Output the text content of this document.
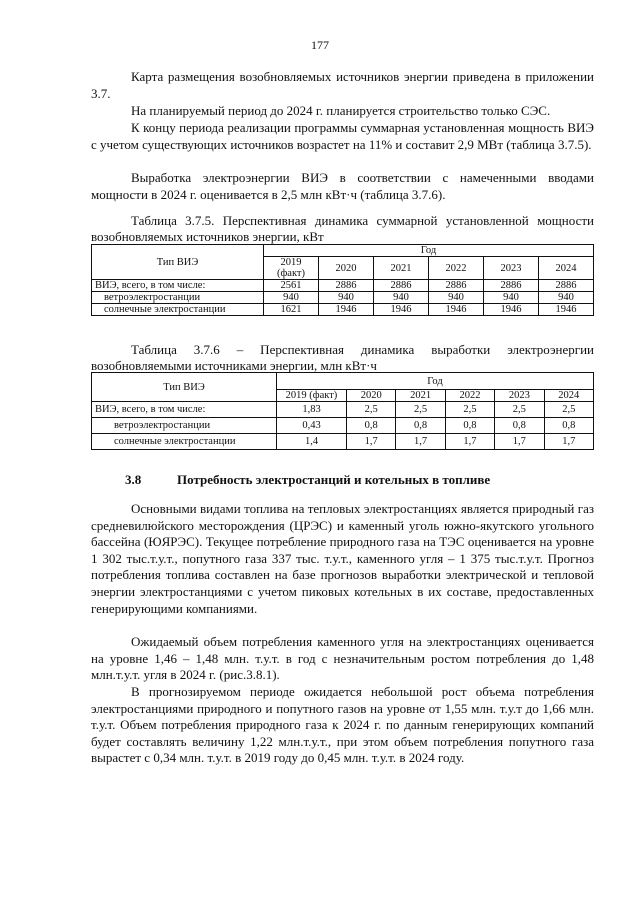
177

Карта размещения возобновляемых источников энергии приведена в приложении 3.7.

На планируемый период до 2024 г. планируется строительство только СЭС.

К концу периода реализации программы суммарная установленная мощность ВИЭ с учетом существующих источников возрастет на 11% и составит 2,9 МВт (таблица 3.7.5).

Выработка электроэнергии ВИЭ в соответствии с намеченными вводами мощности в 2024 г. оценивается в 2,5 млн кВт·ч (таблица 3.7.6).

Таблица 3.7.5. Перспективная динамика суммарной установленной мощности возобновляемых источников энергии, кВт

Тип ВИЭ	Год					
	2019 (факт)	2020	2021	2022	2023	2024
ВИЭ, всего, в том числе:	2561	2886	2886	2886	2886	2886
ветроэлектростанции	940	940	940	940	940	940
солнечные электростанции	1621	1946	1946	1946	1946	1946

Таблица 3.7.6 – Перспективная динамика выработки электроэнергии возобновляемыми источниками энергии, млн кВт·ч

Тип ВИЭ	Год					
	2019 (факт)	2020	2021	2022	2023	2024
ВИЭ, всего, в том числе:	1,83	2,5	2,5	2,5	2,5	2,5
ветроэлектростанции	0,43	0,8	0,8	0,8	0,8	0,8
солнечные электростанции	1,4	1,7	1,7	1,7	1,7	1,7
3.8	Потребность электростанций и котельных в топливе

Основными видами топлива на тепловых электростанциях является природный газ средневилюйского месторождения (ЦРЭС) и каменный уголь южно-якутского угольного бассейна (ЮЯРЭС). Текущее потребление природного газа на ТЭС оценивается на уровне 1 302 тыс.т.у.т., попутного газа 337 тыс. т.у.т., каменного угля – 1 375 тыс.т.у.т. Прогноз потребления топлива составлен на базе прогнозов выработки электрической и тепловой энергии электростанциями с учетом пиковых котельных в их составе, предоставленных генерирующими компаниями.

Ожидаемый объем потребления каменного угля на электростанциях оценивается на уровне 1,46 – 1,48 млн. т.у.т. в год с незначительным ростом потребления до 1,48 млн.т.у.т. угля в 2024 г. (рис.3.8.1).

В прогнозируемом периоде ожидается небольшой рост объема потребления электростанциями природного и попутного газов на уровне от 1,55 млн. т.у.т до 1,66 млн. т.у.т. Объем потребления природного газа к 2024 г. по данным генерирующих компаний будет составлять величину 1,22 млн.т.у.т., при этом объем потребления попутного газа вырастет с 0,34 млн. т.у.т. в 2019 году до 0,45 млн. т.у.т. в 2024 году.
